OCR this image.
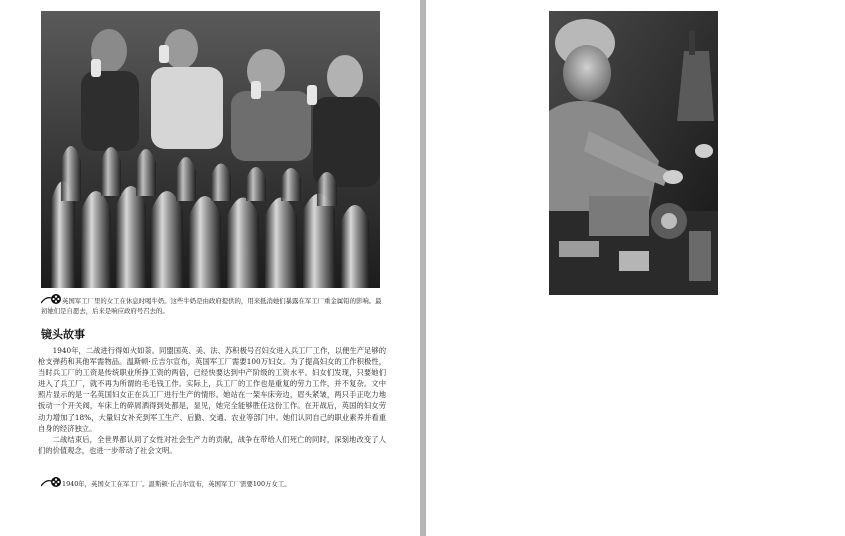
英国军工厂里的女工在休息时喝牛奶。这些牛奶是由政府提供的，用来抵消她们暴露在军工厂重金属铅的影响。最初她们是自愿去，后来是响应政府号召去的。
镜头故事

1940年，二战进行得如火如荼。同盟国英、美、法、苏积极号召妇女进入兵工厂工作，以便生产足够的枪支弹药和其他军需物品。温斯顿·丘吉尔宣布，英国军工厂需要100万妇女。为了提高妇女的工作积极性，当时兵工厂的工资是传统职业所挣工资的两倍，已经快要达到中产阶级的工资水平。妇女们发现，只要她们进入了兵工厂，就不再为所谓的毛毛钱工作。实际上，兵工厂的工作也是重复的劳力工作，并不复杂。文中照片显示的是一名英国妇女正在兵工厂进行生产的情形。她站在一架车床旁边，眉头紧皱，两只手正吃力地扳动一个开关阀，车床上的碎屑洒得到处都是，显见，她完全能够胜任这份工作。在开战后，英国的妇女劳动力增加了18%，大量妇女补充到军工生产、后勤、交通、农业等部门中。她们认同自己的职业素养并看重自身的经济独立。

二战结束后，全世界都认同了女性对社会生产力的贡献，战争在带给人们死亡的同时，深刻地改变了人们的价值观念，也进一步带动了社会文明。

1940年，英国女工在军工厂。温斯顿·丘吉尔宣布，英国军工厂需要100万女工。
